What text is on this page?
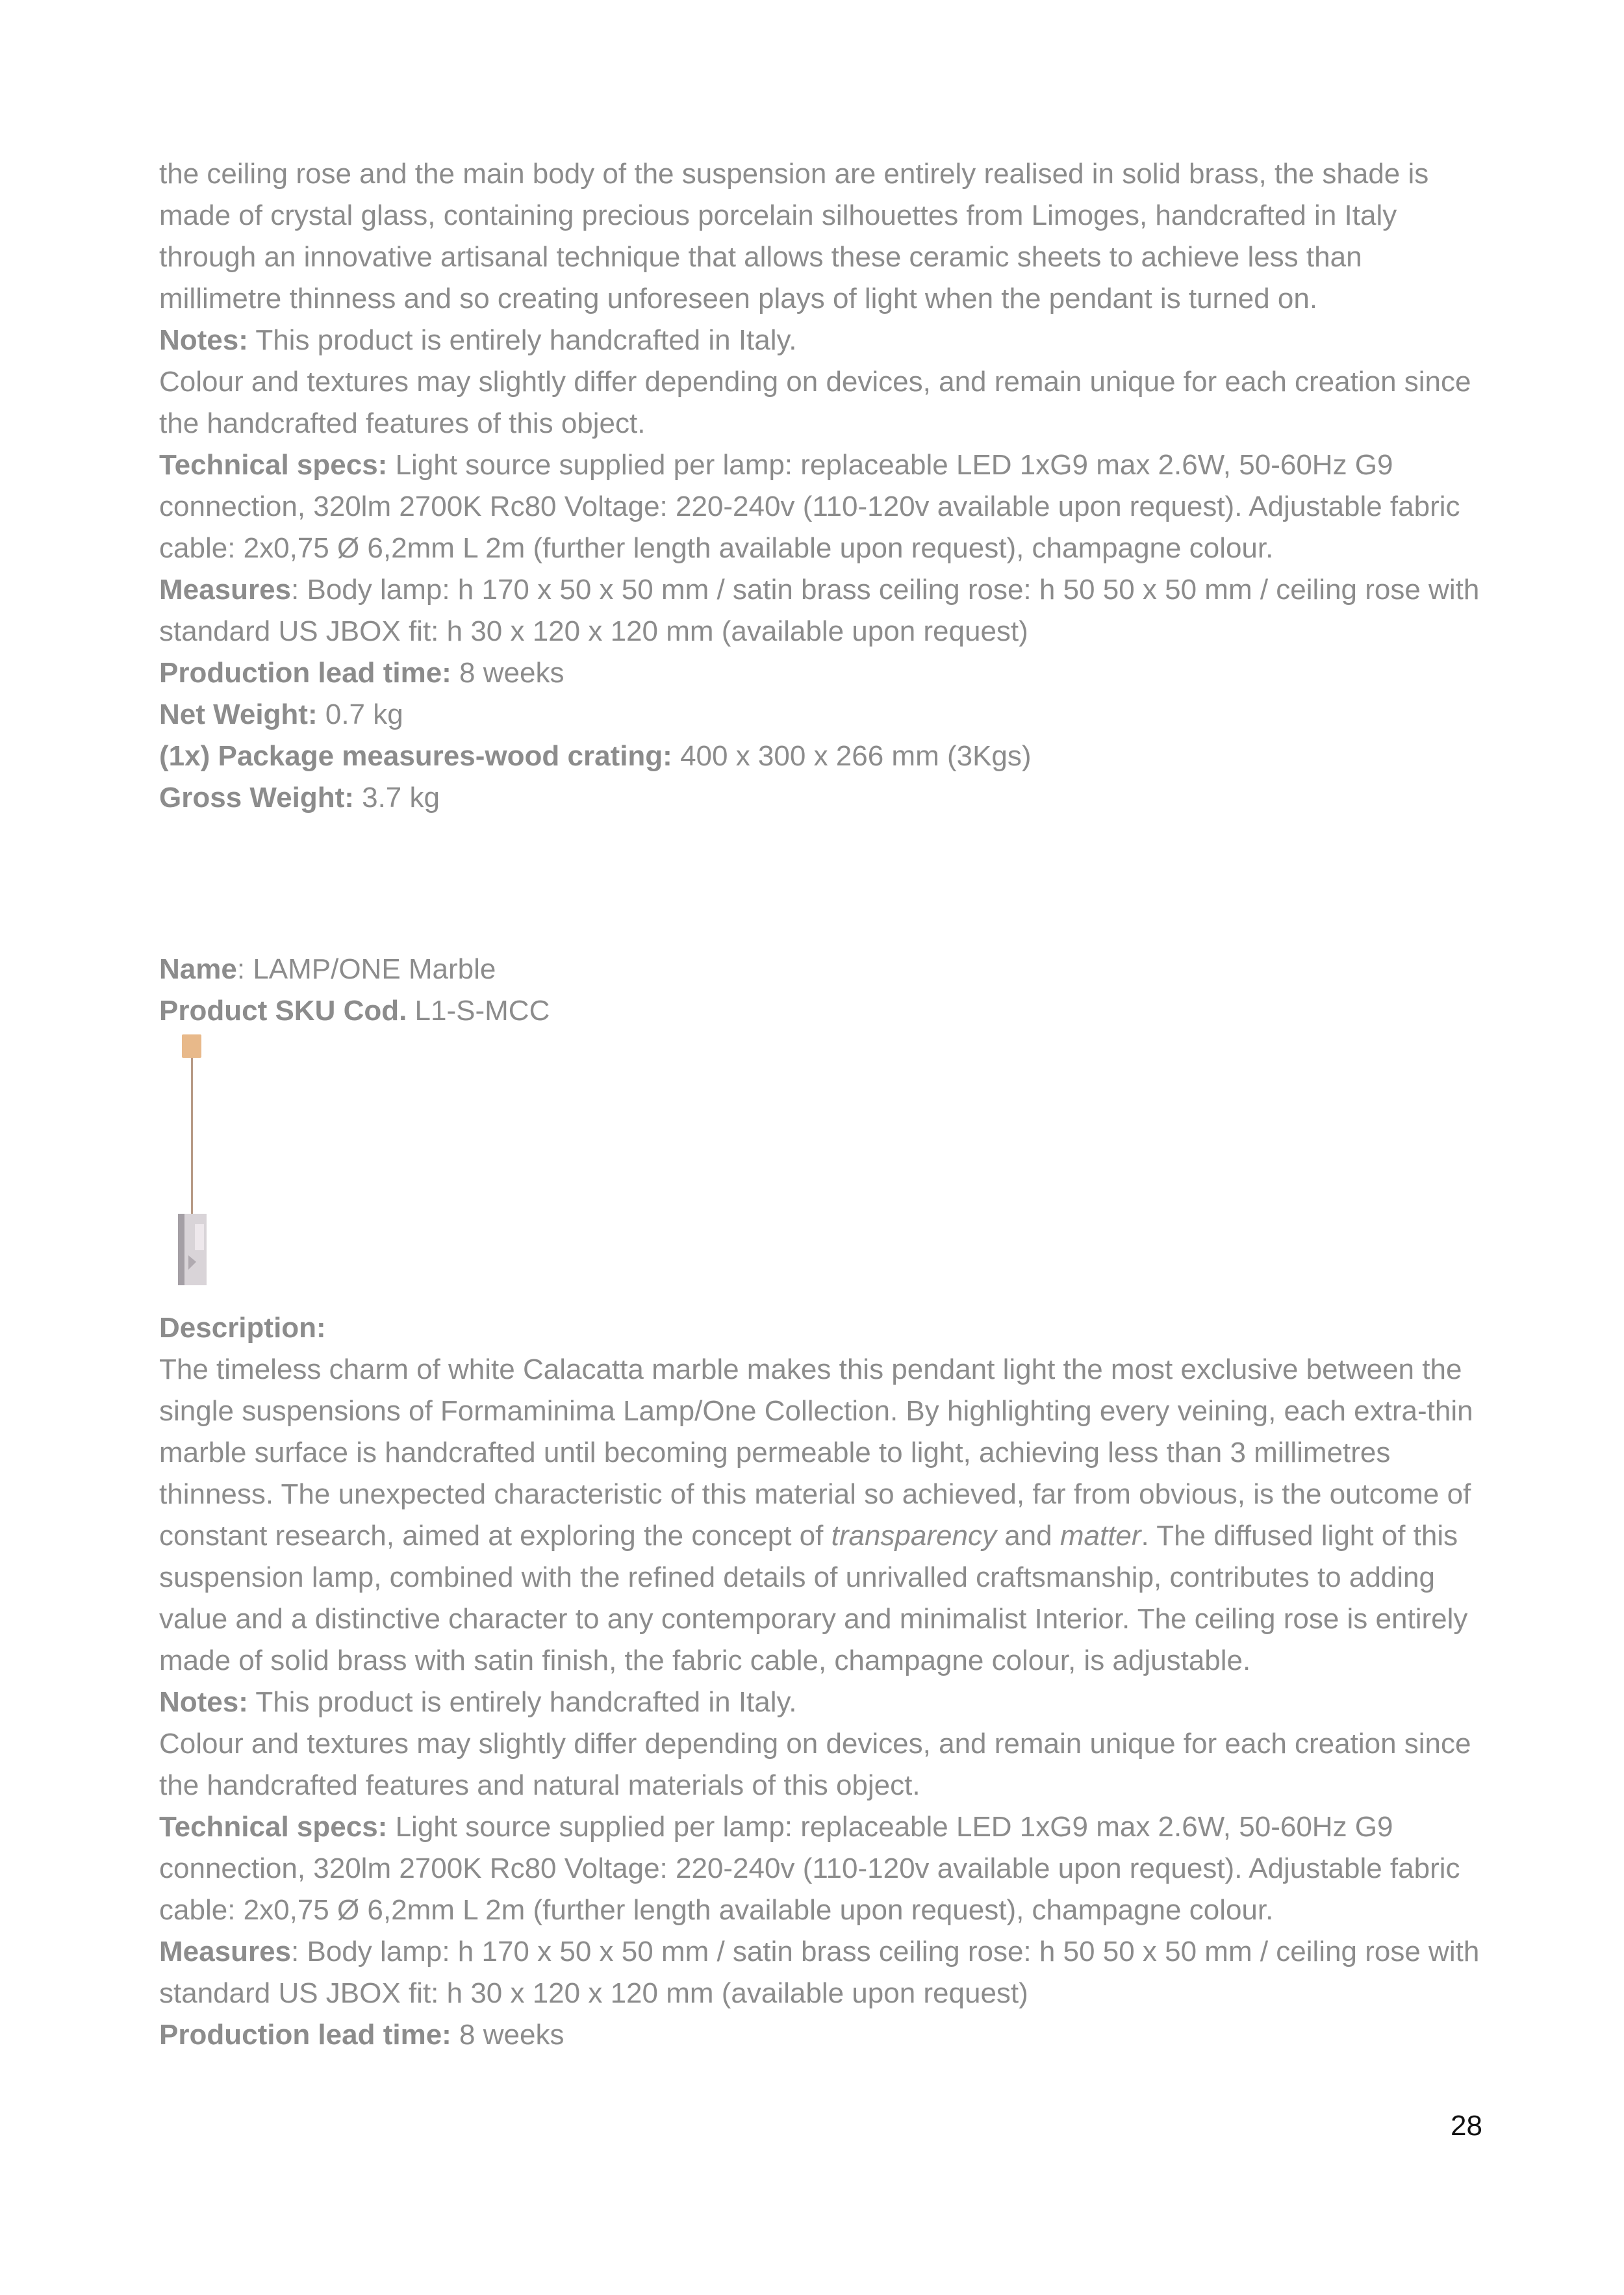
the ceiling rose and the main body of the suspension are entirely realised in solid brass, the shade is made of crystal glass, containing precious porcelain silhouettes from Limoges, handcrafted in Italy through an innovative artisanal technique that allows these ceramic sheets to achieve less than millimetre thinness and so creating unforeseen plays of light when the pendant is turned on.

Notes: This product is entirely handcrafted in Italy.

Colour and textures may slightly differ depending on devices, and remain unique for each creation since the handcrafted features of this object.

Technical specs: Light source supplied per lamp: replaceable LED 1xG9 max 2.6W, 50-60Hz G9 connection, 320lm 2700K Rc80 Voltage: 220-240v (110-120v available upon request). Adjustable fabric cable: 2x0,75 Ø 6,2mm L 2m (further length available upon request), champagne colour.

Measures: Body lamp: h 170 x 50 x 50 mm / satin brass ceiling rose: h 50 50 x 50 mm / ceiling rose with standard US JBOX fit: h 30 x 120 x 120 mm (available upon request)

Production lead time: 8 weeks

Net Weight: 0.7 kg

(1x) Package measures-wood crating: 400 x 300 x 266 mm (3Kgs)

Gross Weight: 3.7 kg

Name: LAMP/ONE Marble

Product SKU Cod. L1-S-MCC

Description:

The timeless charm of white Calacatta marble makes this pendant light the most exclusive between the single suspensions of Formaminima Lamp/One Collection. By highlighting every veining, each extra-thin marble surface is handcrafted until becoming permeable to light, achieving less than 3 millimetres thinness. The unexpected characteristic of this material so achieved, far from obvious, is the outcome of constant research, aimed at exploring the concept of transparency and matter. The diffused light of this suspension lamp, combined with the refined details of unrivalled craftsmanship, contributes to adding value and a distinctive character to any contemporary and minimalist Interior. The ceiling rose is entirely made of solid brass with satin finish, the fabric cable, champagne colour, is adjustable.

Notes: This product is entirely handcrafted in Italy.

Colour and textures may slightly differ depending on devices, and remain unique for each creation since the handcrafted features and natural materials of this object.

Technical specs: Light source supplied per lamp: replaceable LED 1xG9 max 2.6W, 50-60Hz G9 connection, 320lm 2700K Rc80 Voltage: 220-240v (110-120v available upon request). Adjustable fabric cable: 2x0,75 Ø 6,2mm L 2m (further length available upon request), champagne colour.

Measures: Body lamp: h 170 x 50 x 50 mm / satin brass ceiling rose: h 50 50 x 50 mm / ceiling rose with standard US JBOX fit: h 30 x 120 x 120 mm (available upon request)

Production lead time: 8 weeks

28
